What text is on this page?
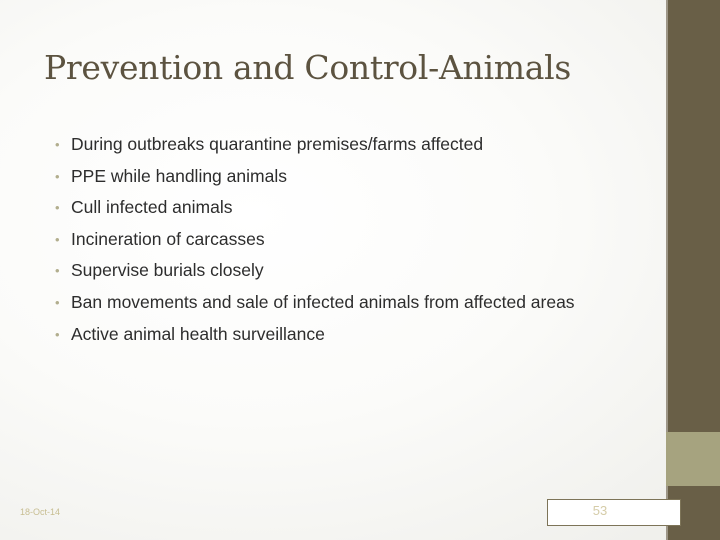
Prevention and Control-Animals
• During outbreaks quarantine premises/farms affected
• PPE while handling animals
• Cull infected animals
• Incineration of carcasses
• Supervise burials closely
• Ban movements and sale of infected animals from affected areas
• Active animal health surveillance
18-Oct-14	53
